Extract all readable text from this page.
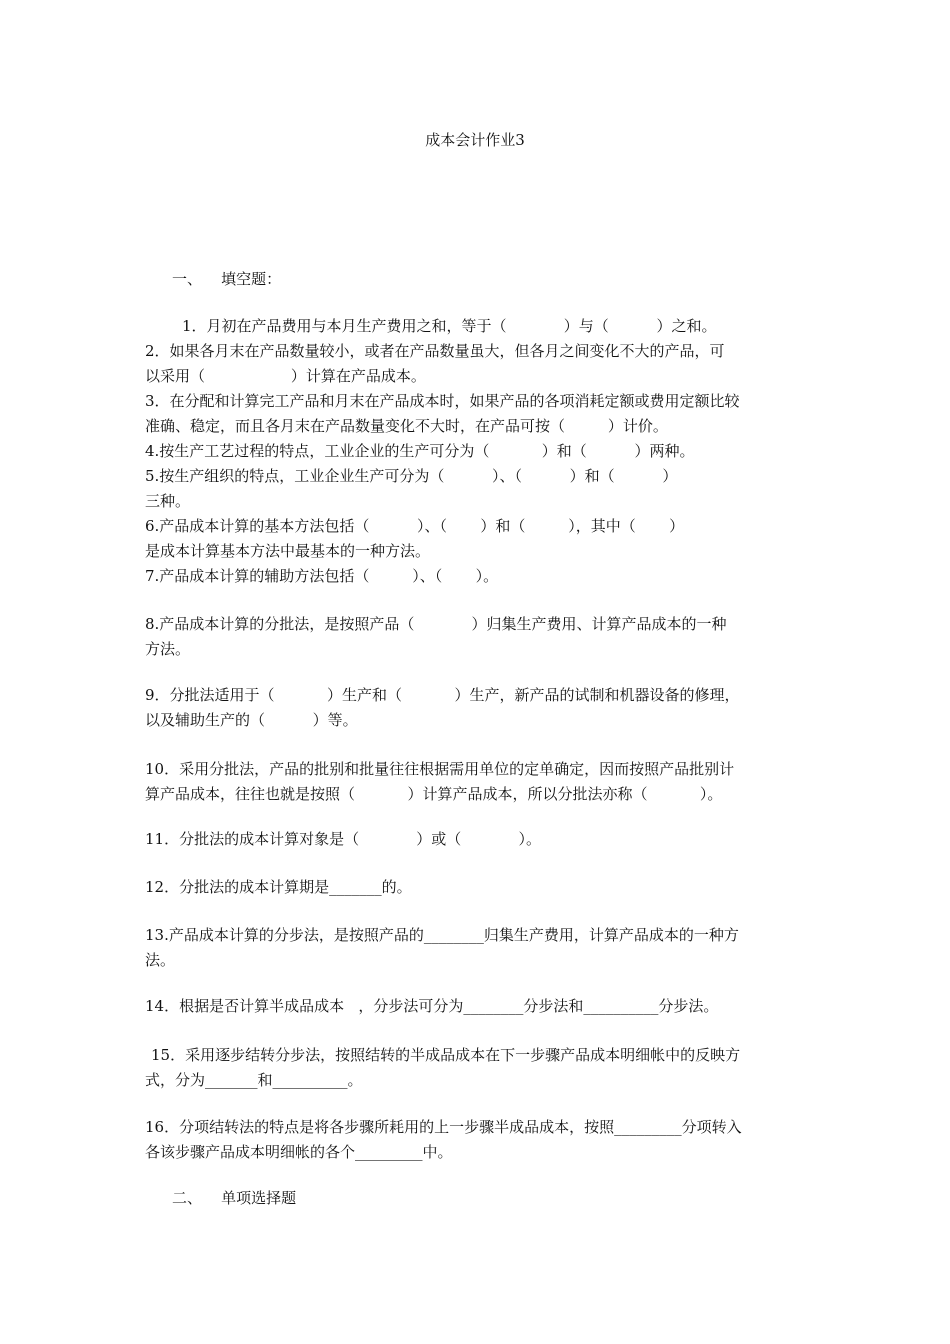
成本会计作业3
一、    填空题：
1．月初在产品费用与本月生产费用之和，等于（            ）与（          ）之和。
2．如果各月末在产品数量较小，或者在产品数量虽大，但各月之间变化不大的产品，可
以采用（                  ）计算在产品成本。
3．在分配和计算完工产品和月末在产品成本时，如果产品的各项消耗定额或费用定额比较
准确、稳定，而且各月末在产品数量变化不大时，在产品可按（         ）计价。
4.按生产工艺过程的特点，工业企业的生产可分为（           ）和（          ）两种。
5.按生产组织的特点，工业企业生产可分为（          ）、（          ）和（          ）
三种。
6.产品成本计算的基本方法包括（          ）、（       ）和（         ），其中（       ）
是成本计算基本方法中最基本的一种方法。
7.产品成本计算的辅助方法包括（         ）、（       ）。
8.产品成本计算的分批法，是按照产品（            ）归集生产费用、计算产品成本的一种
方法。
9．分批法适用于（           ）生产和（           ）生产，新产品的试制和机器设备的修理，
以及辅助生产的（          ）等。
10．采用分批法，产品的批别和批量往往根据需用单位的定单确定，因而按照产品批别计
算产品成本，往往也就是按照（           ）计算产品成本，所以分批法亦称（           ）。
11．分批法的成本计算对象是（            ）或（            ）。
12．分批法的成本计算期是_______的。
13.产品成本计算的分步法，是按照产品的________归集生产费用，计算产品成本的一种方
法。
14．根据是否计算半成品成本   ，分步法可分为________分步法和__________分步法。
15．采用逐步结转分步法，按照结转的半成品成本在下一步骤产品成本明细帐中的反映方
式，分为_______和__________。
16．分项结转法的特点是将各步骤所耗用的上一步骤半成品成本，按照_________分项转入
各该步骤产品成本明细帐的各个_________中。
二、    单项选择题
